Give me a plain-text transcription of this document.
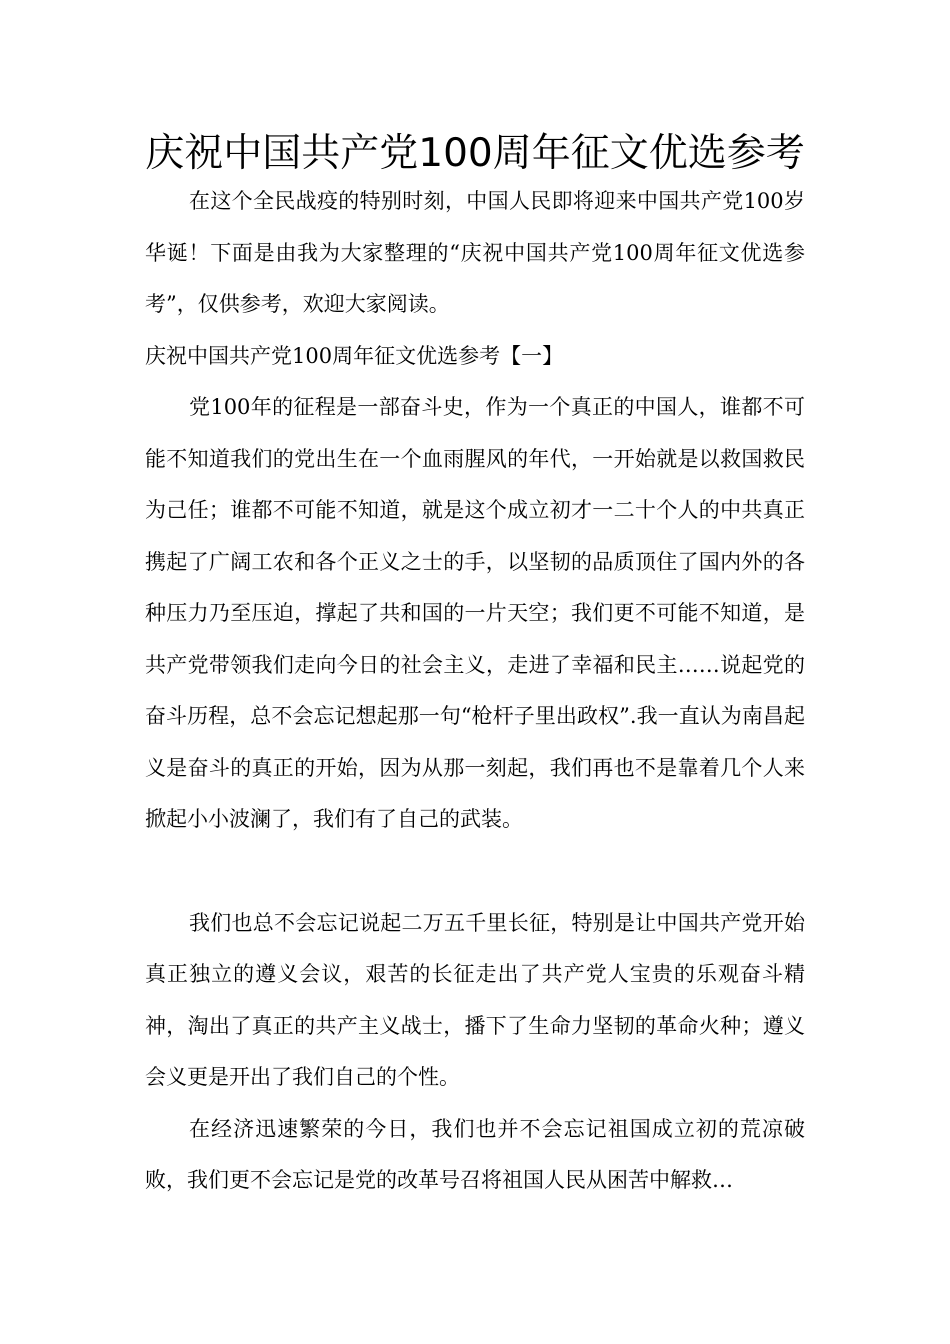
庆祝中国共产党100周年征文优选参考

在这个全民战疫的特别时刻，中国人民即将迎来中国共产党100岁华诞！下面是由我为大家整理的“庆祝中国共产党100周年征文优选参考”，仅供参考，欢迎大家阅读。

庆祝中国共产党100周年征文优选参考【一】

党100年的征程是一部奋斗史，作为一个真正的中国人，谁都不可能不知道我们的党出生在一个血雨腥风的年代，一开始就是以救国救民为己任；谁都不可能不知道，就是这个成立初才一二十个人的中共真正携起了广阔工农和各个正义之士的手，以坚韧的品质顶住了国内外的各种压力乃至压迫，撑起了共和国的一片天空；我们更不可能不知道，是共产党带领我们走向今日的社会主义，走进了幸福和民主……说起党的奋斗历程，总不会忘记想起那一句“枪杆子里出政权”.我一直认为南昌起义是奋斗的真正的开始，因为从那一刻起，我们再也不是靠着几个人来掀起小小波澜了，我们有了自己的武装。

我们也总不会忘记说起二万五千里长征，特别是让中国共产党开始真正独立的遵义会议，艰苦的长征走出了共产党人宝贵的乐观奋斗精神，淘出了真正的共产主义战士，播下了生命力坚韧的革命火种；遵义会义更是开出了我们自己的个性。

在经济迅速繁荣的今日，我们也并不会忘记祖国成立初的荒凉破败，我们更不会忘记是党的改革号召将祖国人民从困苦中解救…
